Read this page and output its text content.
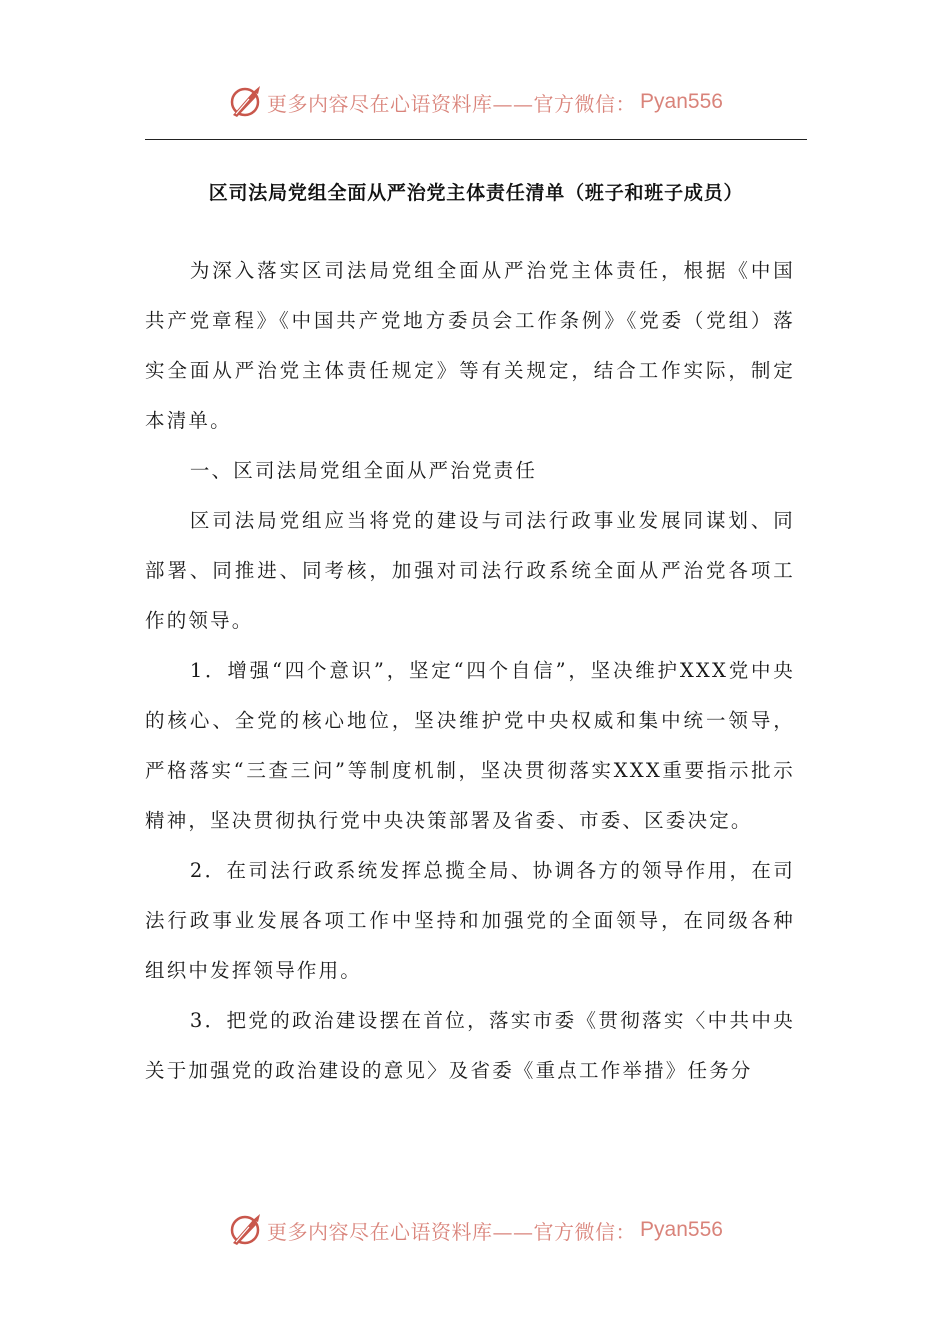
更多内容尽在心语资料库——官方微信： Pyan556
区司法局党组全面从严治党主体责任清单（班子和班子成员）

为深入落实区司法局党组全面从严治党主体责任，根据《中国共产党章程》《中国共产党地方委员会工作条例》《党委（党组）落实全面从严治党主体责任规定》等有关规定，结合工作实际，制定本清单。

一、区司法局党组全面从严治党责任

区司法局党组应当将党的建设与司法行政事业发展同谋划、同部署、同推进、同考核，加强对司法行政系统全面从严治党各项工作的领导。

1．增强“四个意识”，坚定“四个自信”，坚决维护XXX党中央的核心、全党的核心地位，坚决维护党中央权威和集中统一领导，严格落实“三查三问”等制度机制，坚决贯彻落实XXX重要指示批示精神，坚决贯彻执行党中央决策部署及省委、市委、区委决定。

2．在司法行政系统发挥总揽全局、协调各方的领导作用，在司法行政事业发展各项工作中坚持和加强党的全面领导，在同级各种组织中发挥领导作用。

3．把党的政治建设摆在首位，落实市委《贯彻落实〈中共中央关于加强党的政治建设的意见〉及省委《重点工作举措》任务分

更多内容尽在心语资料库——官方微信： Pyan556
